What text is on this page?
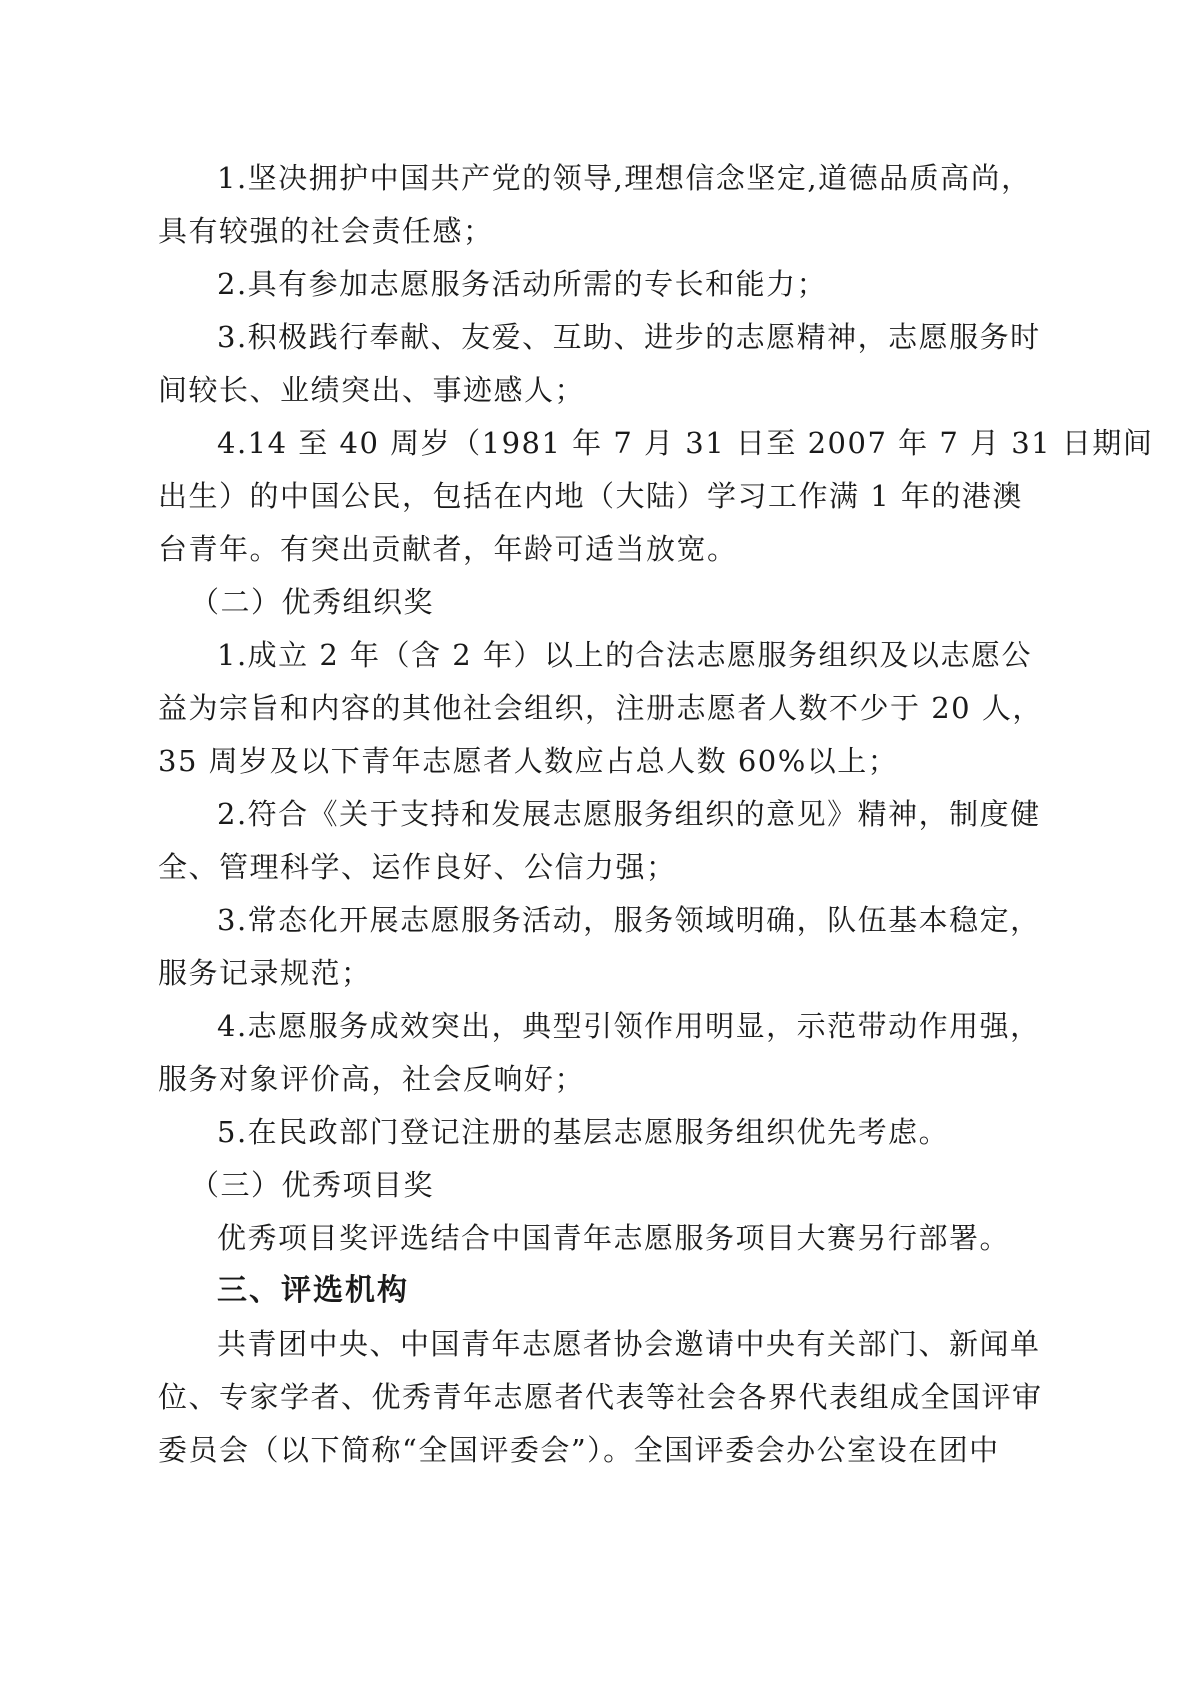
1.坚决拥护中国共产党的领导,理想信念坚定,道德品质高尚，
具有较强的社会责任感；
2.具有参加志愿服务活动所需的专长和能力；
3.积极践行奉献、友爱、互助、进步的志愿精神，志愿服务时
间较长、业绩突出、事迹感人；
4.14 至 40 周岁（1981 年 7 月 31 日至 2007 年 7 月 31 日期间
出生）的中国公民，包括在内地（大陆）学习工作满 1 年的港澳
台青年。有突出贡献者，年龄可适当放宽。
（二）优秀组织奖
1.成立 2 年（含 2 年）以上的合法志愿服务组织及以志愿公
益为宗旨和内容的其他社会组织，注册志愿者人数不少于 20 人，
35 周岁及以下青年志愿者人数应占总人数 60%以上；
2.符合《关于支持和发展志愿服务组织的意见》精神，制度健
全、管理科学、运作良好、公信力强；
3.常态化开展志愿服务活动，服务领域明确，队伍基本稳定，
服务记录规范；
4.志愿服务成效突出，典型引领作用明显，示范带动作用强，
服务对象评价高，社会反响好；
5.在民政部门登记注册的基层志愿服务组织优先考虑。
（三）优秀项目奖
优秀项目奖评选结合中国青年志愿服务项目大赛另行部署。
三、评选机构
共青团中央、中国青年志愿者协会邀请中央有关部门、新闻单
位、专家学者、优秀青年志愿者代表等社会各界代表组成全国评审
委员会（以下简称“全国评委会”）。全国评委会办公室设在团中
